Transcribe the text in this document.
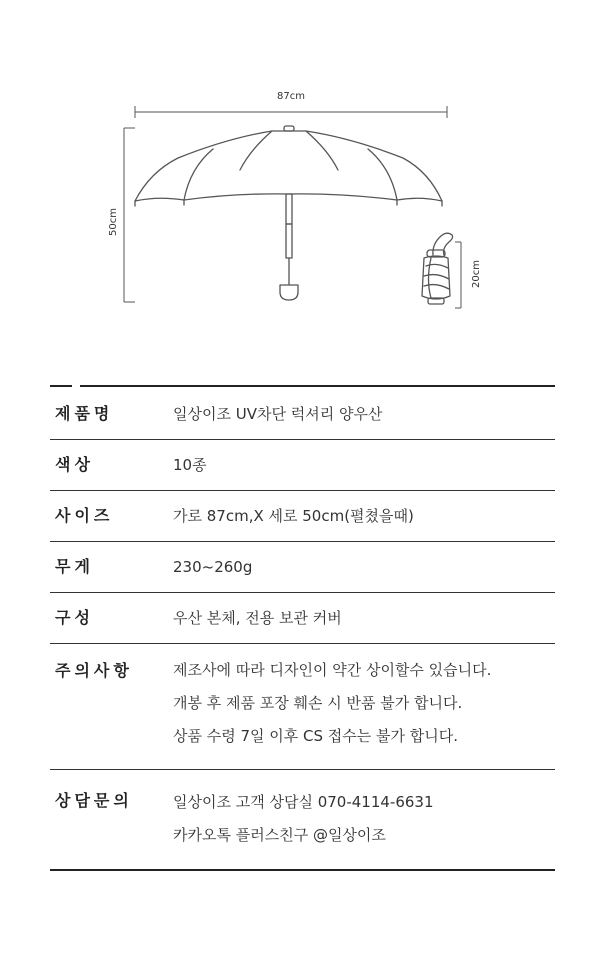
87cm
50cm
20cm
제품명	일상이조 UV차단 럭셔리 양우산
색상	10종
사이즈	가로 87cm,X 세로 50cm(펼쳤을때)
무게	230~260g
구성	우산 본체, 전용 보관 커버
주의사항	제조사에 따라 디자인이 약간 상이할수 있습니다.
개봉 후 제품 포장 훼손 시 반품 불가 합니다.
상품 수령 7일 이후 CS 접수는 불가 합니다.
상담문의	일상이조 고객 상담실 070-4114-6631
카카오톡 플러스친구 @일상이조
